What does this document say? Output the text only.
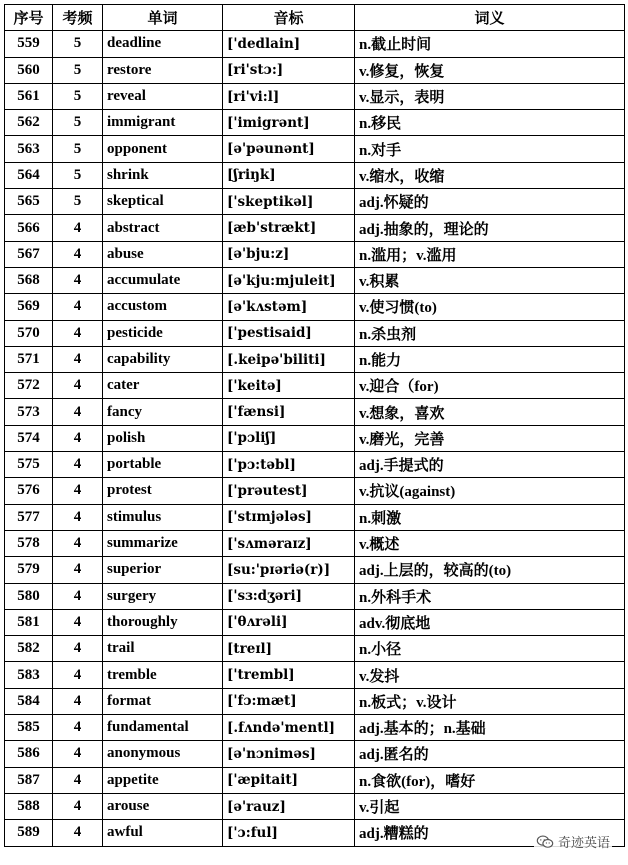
序号	考频	单词	音标	词义
559	5	deadline	['dedlain]	n.截止时间
560	5	restore	[ri'stɔ:]	v.修复，恢复
561	5	reveal	[ri'vi:l]	v.显示，表明
562	5	immigrant	['imigrənt]	n.移民
563	5	opponent	[ə'pəunənt]	n.对手
564	5	shrink	[ʃriŋk]	v.缩水，收缩
565	5	skeptical	['skeptikəl]	adj.怀疑的
566	4	abstract	[æb'strækt]	adj.抽象的，理论的
567	4	abuse	[ə'bju:z]	n.滥用；v.滥用
568	4	accumulate	[ə'kju:mjuleit]	v.积累
569	4	accustom	[ə'kʌstəm]	v.使习惯(to)
570	4	pesticide	['pestisaid]	n.杀虫剂
571	4	capability	[.keipə'biliti]	n.能力
572	4	cater	['keitə]	v.迎合（for)
573	4	fancy	['fænsi]	v.想象，喜欢
574	4	polish	['pɔliʃ]	v.磨光，完善
575	4	portable	['pɔ:təbl]	adj.手提式的
576	4	protest	['prəutest]	v.抗议(against)
577	4	stimulus	['stɪmjələs]	n.刺激
578	4	summarize	['sʌməraɪz]	v.概述
579	4	superior	[su:'pɪəriə(r)]	adj.上层的，较高的(to)
580	4	surgery	['sɜ:dʒəri]	n.外科手术
581	4	thoroughly	['θʌrəli]	adv.彻底地
582	4	trail	[treɪl]	n.小径
583	4	tremble	['trembl]	v.发抖
584	4	format	['fɔ:mæt]	n.板式；v.设计
585	4	fundamental	[.fʌndə'mentl]	adj.基本的；n.基础
586	4	anonymous	[ə'nɔnimәs]	adj.匿名的
587	4	appetite	['æpitait]	n.食欲(for)，嗜好
588	4	arouse	[ə'rauz]	v.引起
589	4	awful	['ɔ:ful]	adj.糟糕的
奇迹英语
